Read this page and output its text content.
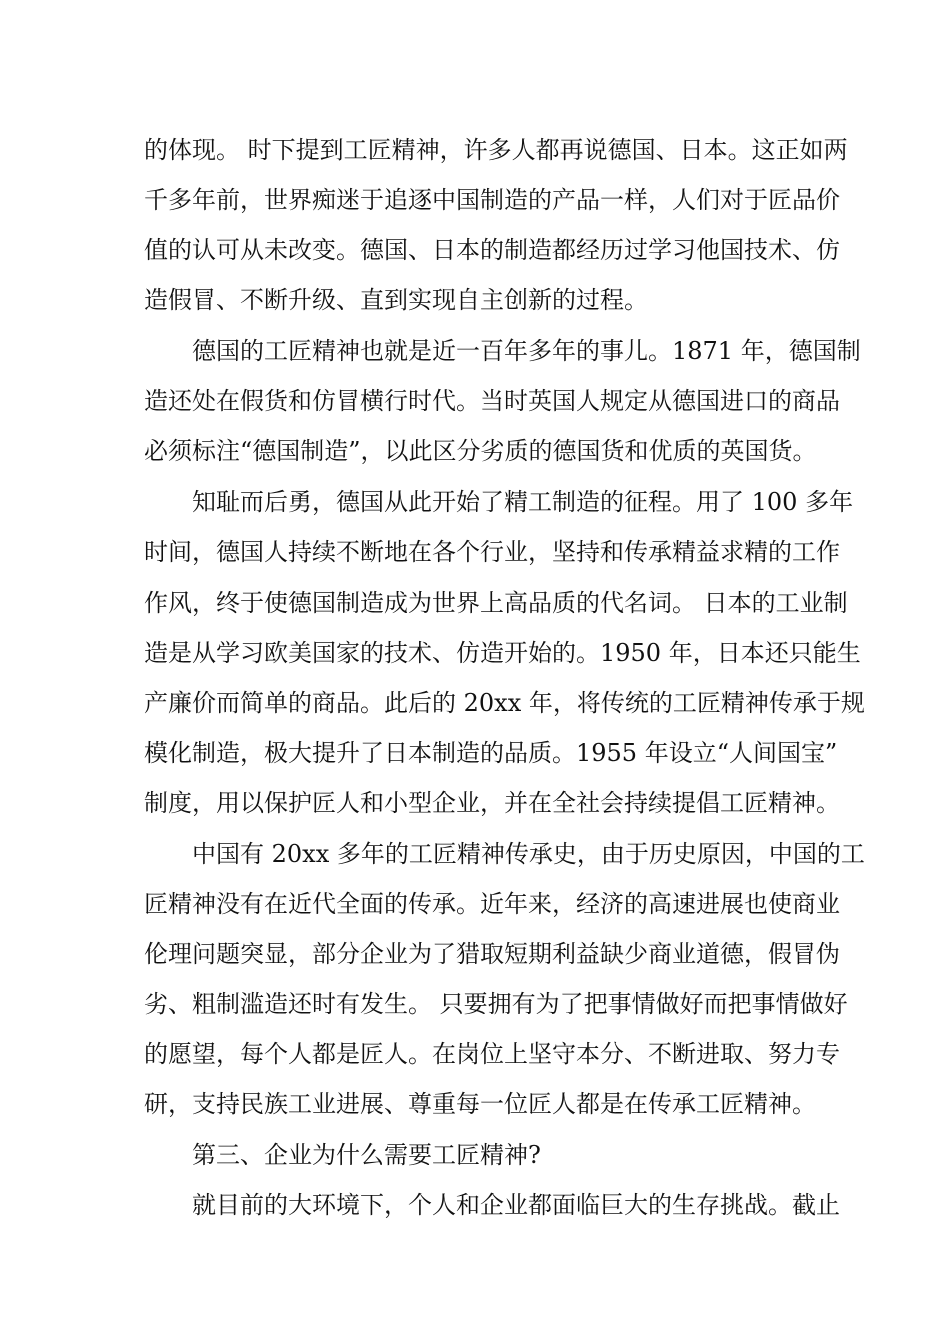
的体现。 时下提到工匠精神，许多人都再说德国、日本。这正如两
千多年前，世界痴迷于追逐中国制造的产品一样，人们对于匠品价
值的认可从未改变。德国、日本的制造都经历过学习他国技术、仿
造假冒、不断升级、直到实现自主创新的过程。
德国的工匠精神也就是近一百年多年的事儿。1871 年，德国制
造还处在假货和仿冒横行时代。当时英国人规定从德国进口的商品
必须标注“德国制造”，以此区分劣质的德国货和优质的英国货。
知耻而后勇，德国从此开始了精工制造的征程。用了 100 多年
时间，德国人持续不断地在各个行业，坚持和传承精益求精的工作
作风，终于使德国制造成为世界上高品质的代名词。 日本的工业制
造是从学习欧美国家的技术、仿造开始的。1950 年，日本还只能生
产廉价而简单的商品。此后的 20xx 年，将传统的工匠精神传承于规
模化制造，极大提升了日本制造的品质。1955 年设立“人间国宝”
制度，用以保护匠人和小型企业，并在全社会持续提倡工匠精神。
中国有 20xx 多年的工匠精神传承史，由于历史原因，中国的工
匠精神没有在近代全面的传承。近年来，经济的高速进展也使商业
伦理问题突显，部分企业为了猎取短期利益缺少商业道德，假冒伪
劣、粗制滥造还时有发生。 只要拥有为了把事情做好而把事情做好
的愿望，每个人都是匠人。在岗位上坚守本分、不断进取、努力专
研，支持民族工业进展、尊重每一位匠人都是在传承工匠精神。
第三、企业为什么需要工匠精神?
就目前的大环境下，个人和企业都面临巨大的生存挑战。截止
